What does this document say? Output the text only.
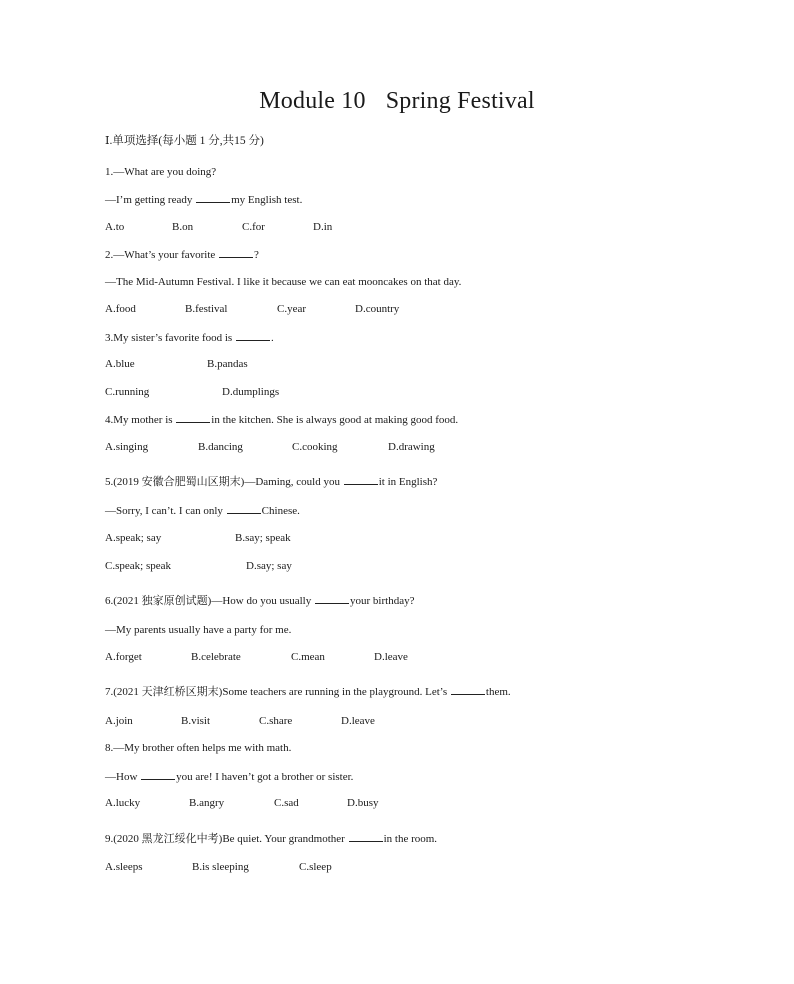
Module 10 Spring Festival
Ⅰ.单项选择(每小题 1 分,共15 分)
1.—What are you doing?
—I’m getting ready	my English test.
A.to	B.on	C.for	D.in
2.—What’s your favorite	?
—The Mid-Autumn Festival. I like it because we can eat mooncakes on that day.
A.food	B.festival	C.year	D.country
3.My sister’s favorite food is	.
A.blue	B.pandas
C.running	D.dumplings
4.My mother is	in the kitchen. She is always good at making good food.
A.singing	B.dancing	C.cooking	D.drawing
5.(2019 安徽合肥蜀山区期末)—Daming, could you	it in English?
—Sorry, I can’t. I can only	Chinese.
A.speak; say	B.say; speak
C.speak; speak	D.say; say
6.(2021 独家原创试题)—How do you usually	your birthday?
—My parents usually have a party for me.
A.forget	B.celebrate	C.mean	D.leave
7.(2021 天津红桥区期末)Some teachers are running in the playground. Let’s	them.
A.join	B.visit	C.share	D.leave
8.—My brother often helps me with math.
—How	you are! I haven’t got a brother or sister.
A.lucky	B.angry	C.sad	D.busy
9.(2020 黑龙江绥化中考)Be quiet. Your grandmother	in the room.
A.sleeps	B.is sleeping	C.sleep
